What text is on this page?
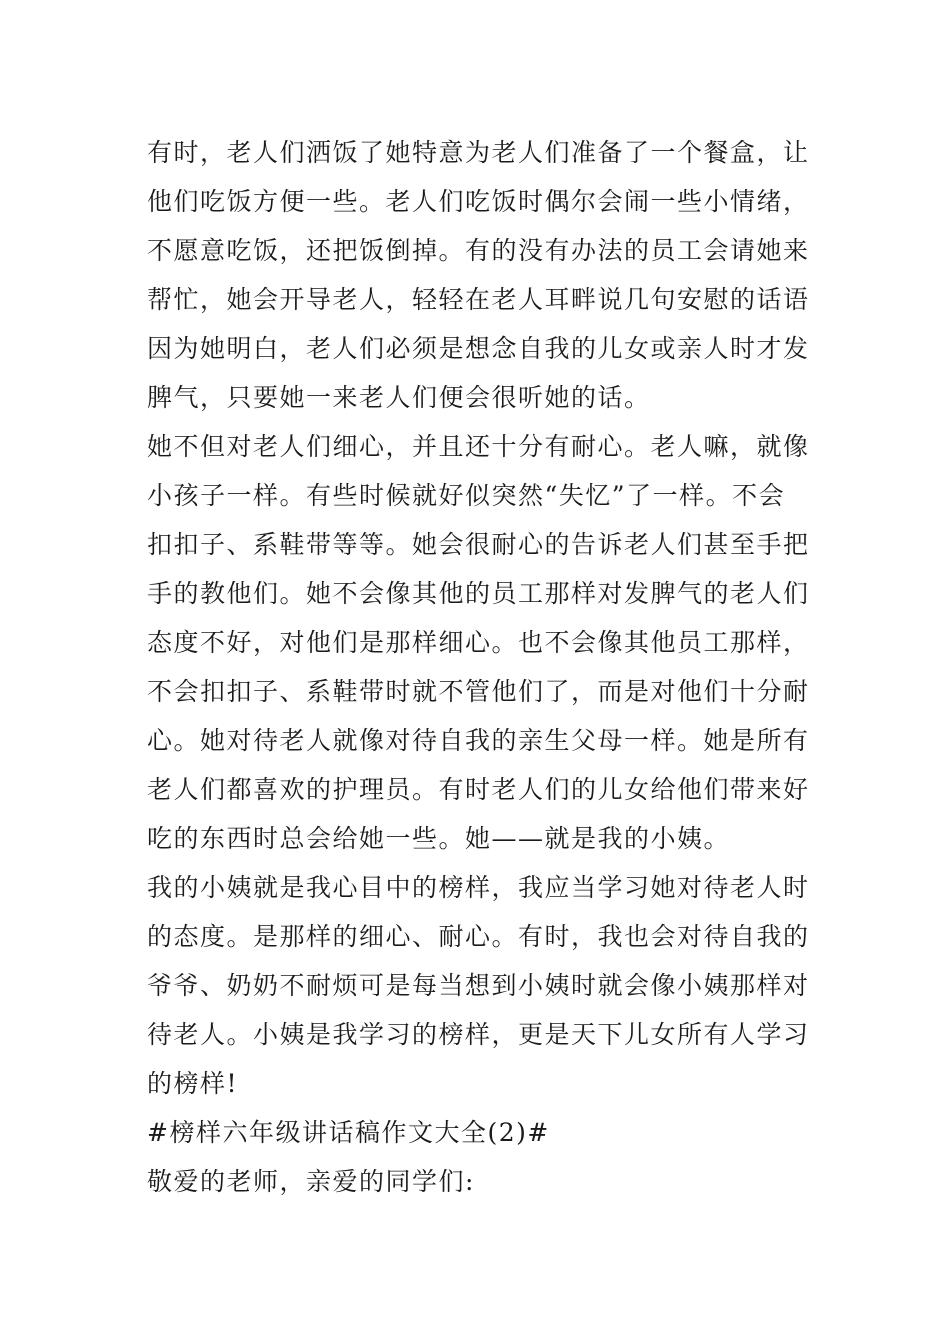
有时，老人们洒饭了她特意为老人们准备了一个餐盒，让
他们吃饭方便一些。老人们吃饭时偶尔会闹一些小情绪，
不愿意吃饭，还把饭倒掉。有的没有办法的员工会请她来
帮忙，她会开导老人，轻轻在老人耳畔说几句安慰的话语
因为她明白，老人们必须是想念自我的儿女或亲人时才发
脾气，只要她一来老人们便会很听她的话。
她不但对老人们细心，并且还十分有耐心。老人嘛，就像
小孩子一样。有些时候就好似突然“失忆”了一样。不会
扣扣子、系鞋带等等。她会很耐心的告诉老人们甚至手把
手的教他们。她不会像其他的员工那样对发脾气的老人们
态度不好，对他们是那样细心。也不会像其他员工那样，
不会扣扣子、系鞋带时就不管他们了，而是对他们十分耐
心。她对待老人就像对待自我的亲生父母一样。她是所有
老人们都喜欢的护理员。有时老人们的儿女给他们带来好
吃的东西时总会给她一些。她——就是我的小姨。
我的小姨就是我心目中的榜样，我应当学习她对待老人时
的态度。是那样的细心、耐心。有时，我也会对待自我的
爷爷、奶奶不耐烦可是每当想到小姨时就会像小姨那样对
待老人。小姨是我学习的榜样，更是天下儿女所有人学习
的榜样!
#榜样六年级讲话稿作文大全(2)#
敬爱的老师，亲爱的同学们:
